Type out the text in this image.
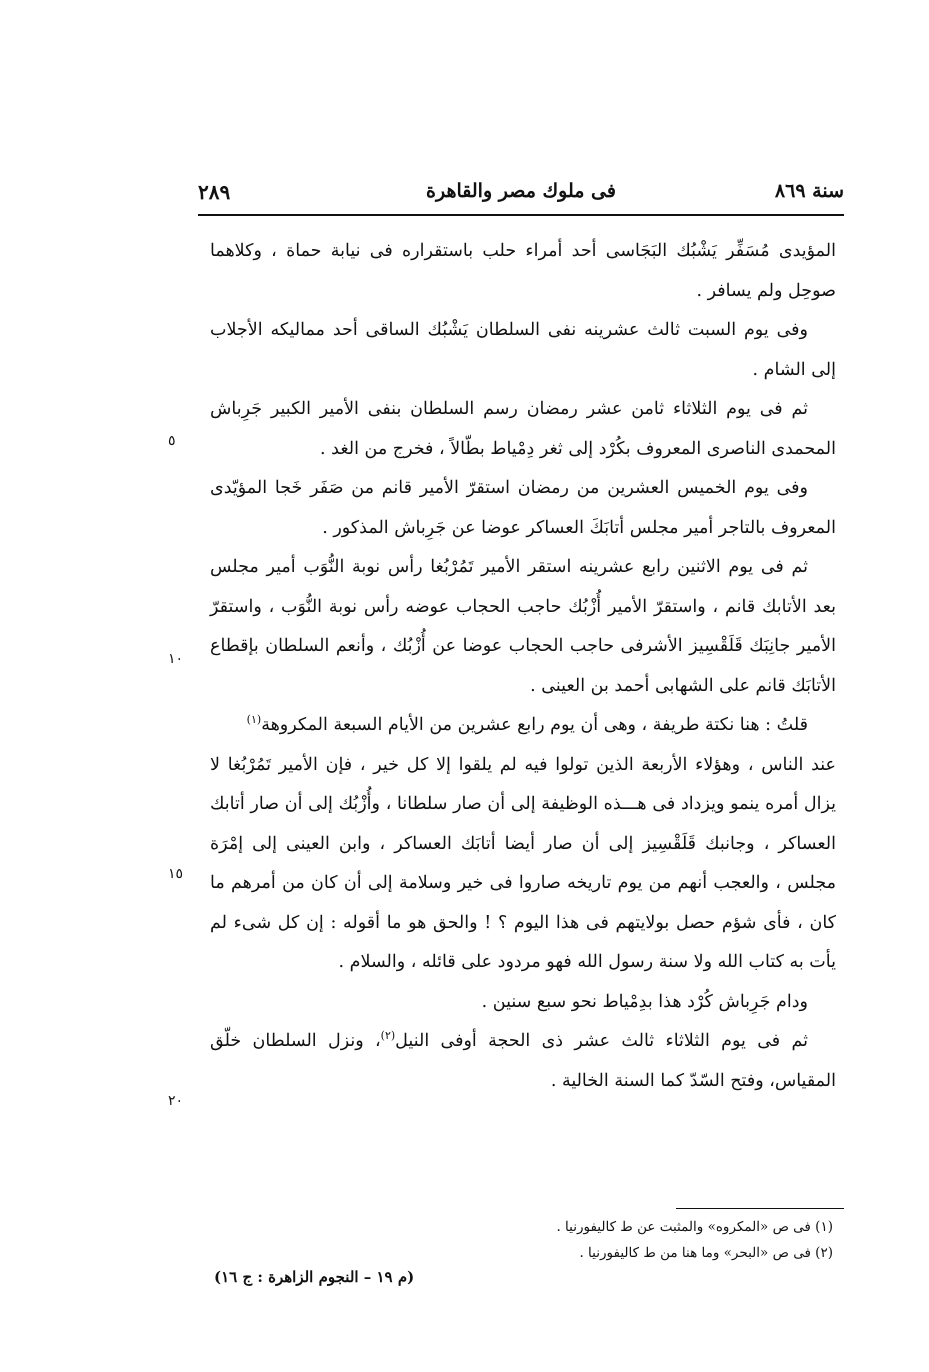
سنة ٨٦٩
فى ملوك مصر والقاهرة
٢٨٩
٥
١٠
١٥
٢٠

المؤيدى مُسَفِّر يَشْبُك البَجَاسى أحد أمراء حلب باستقراره فى نيابة حماة ، وكلاهما صوحِل ولم يسافر .

وفى يوم السبت ثالث عشرينه نفى السلطان يَشْبُك الساقى أحد مماليكه الأجلاب إلى الشام .

ثم فى يوم الثلاثاء ثامن عشر رمضان رسم السلطان بنفى الأمير الكبير جَرِباش المحمدى الناصرى المعروف بكُرْد إلى ثغر دِمْياط بطّالاً ، فخرج من الغد .

وفى يوم الخميس العشرين من رمضان استقرّ الأمير قانم من صَفَر خَجا المؤيّدى المعروف بالتاجر أمير مجلس أتابَكَ العساكر عوضا عن جَرِباش المذكور .

ثم فى يوم الاثنين رابع عشرينه استقر الأمير تَمُرْبُغا رأس نوبة النُّوَب أمير مجلس بعد الأتابك قانم ، واستقرّ الأمير أُزْبُك حاجب الحجاب عوضه رأس نوبة النُّوَب ، واستقرّ الأمير جانِبَك قَلَقْسِيز الأشرفى حاجب الحجاب عوضا عن أُزْبُك ، وأنعم السلطان بإقطاع الأتابَك قانم على الشهابى أحمد بن العينى .

قلتُ : هنا نكتة طريفة ، وهى أن يوم رابع عشرين من الأيام السبعة المكروهة$^{(١)}$

عند الناس ، وهؤلاء الأربعة الذين تولوا فيه لم يلقوا إلا كل خير ، فإن الأمير تَمُرْبُغا لا يزال أمره ينمو ويزداد فى هـــذه الوظيفة إلى أن صار سلطانا ، وأُزْبُك إلى أن صار أتابك العساكر ، وجانبك قَلَقْسِيز إلى أن صار أيضا أتابَك العساكر ، وابن العينى إلى إمْرَة مجلس ، والعجب أنهم من يوم تاريخه صاروا فى خير وسلامة إلى أن كان من أمرهم ما كان ، فأى شؤم حصل بولايتهم فى هذا اليوم ؟ ! والحق هو ما أقوله : إن كل شىء لم يأت به كتاب الله ولا سنة رسول الله فهو مردود على قائله ، والسلام .

ودام جَرِباش كُرْد هذا بدِمْياط نحو سبع سنين .

ثم فى يوم الثلاثاء ثالث عشر ذى الحجة أوفى النيل$^{(٢)}$، ونزل السلطان خلّق المقياس، وفتح السّدّ كما السنة الخالية .

(١) فى ص «المكروه» والمثبت عن ط كاليفورنيا .

(٢) فى ص «البحر» وما هنا من ط كاليفورنيا .

(م ١٩ – النجوم الزاهرة : ج ١٦)
